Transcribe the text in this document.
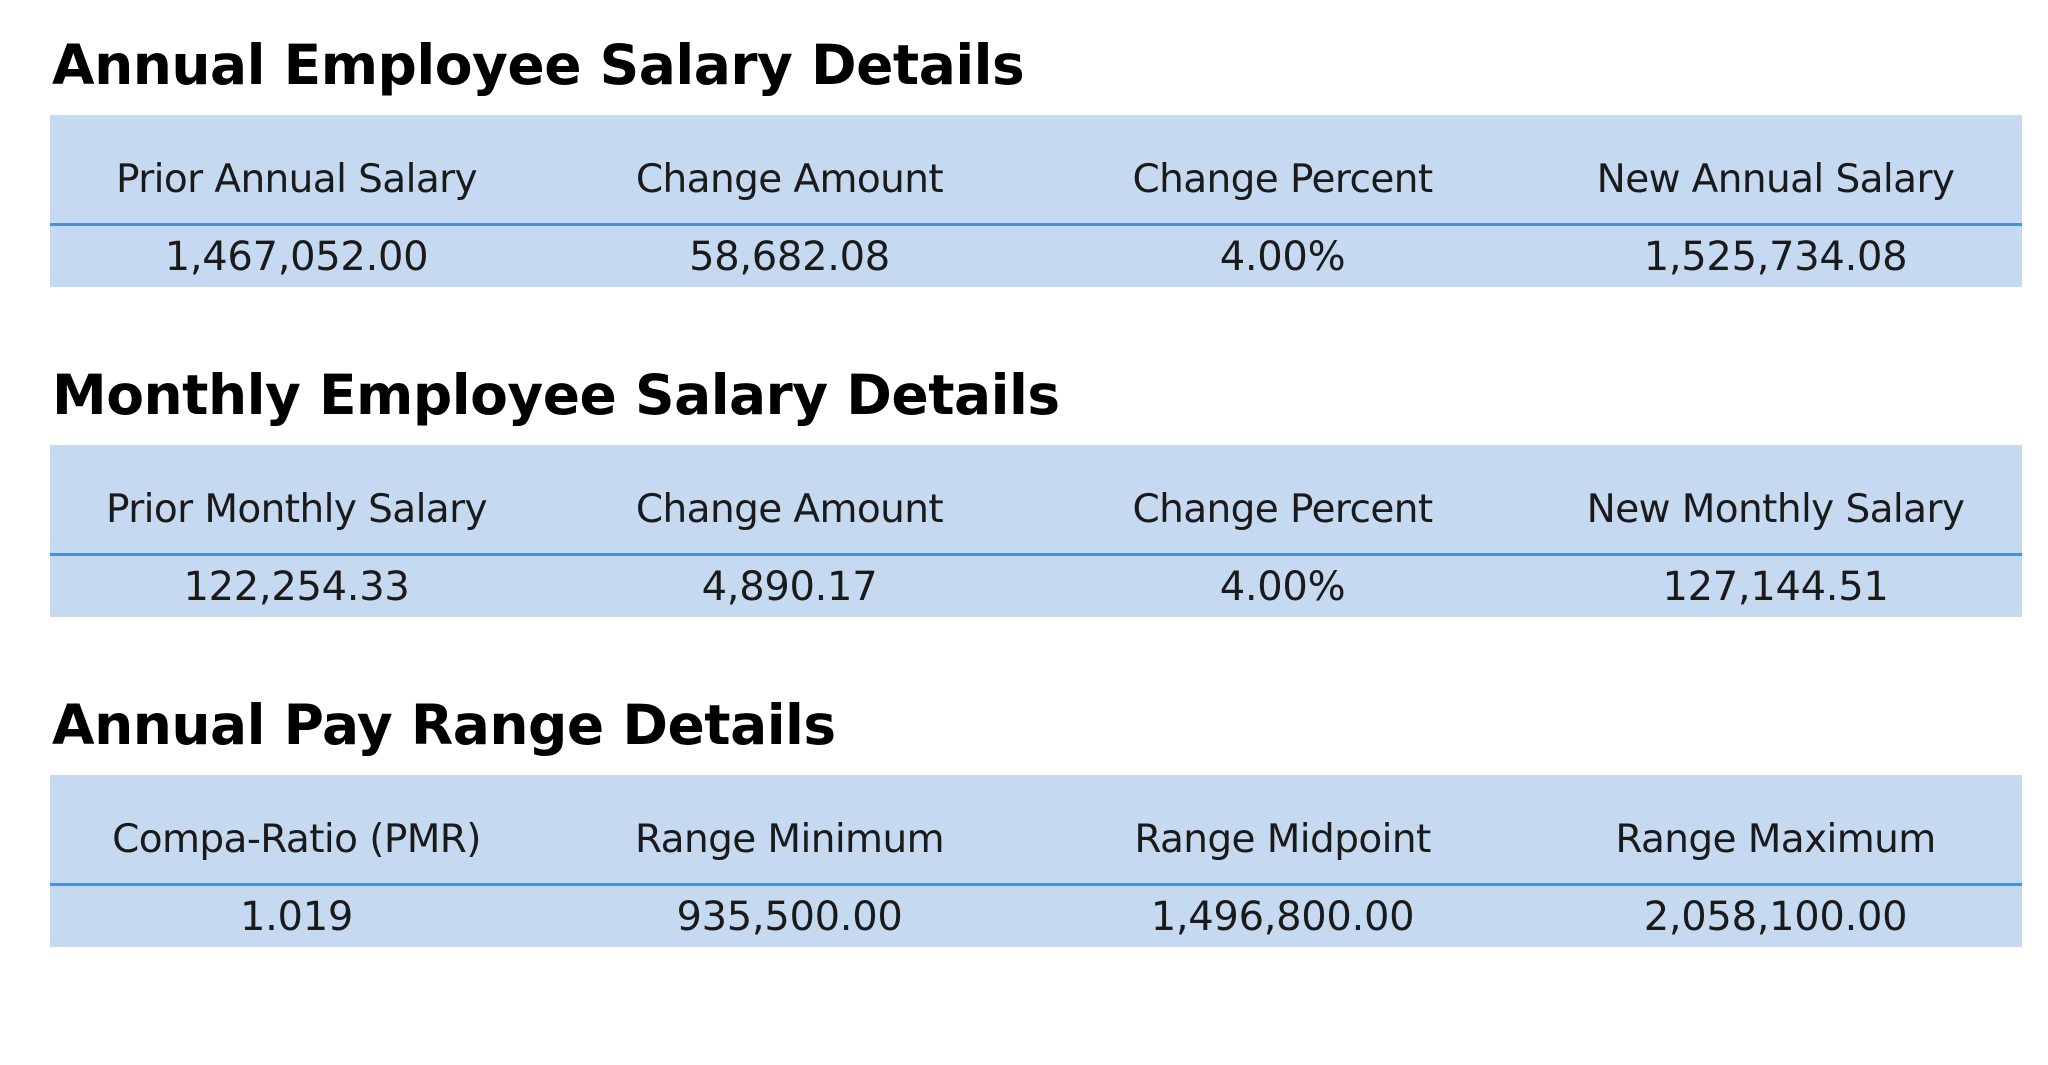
Annual Employee Salary Details
Prior Annual Salary	Change Amount	Change Percent	New Annual Salary
1,467,052.00	58,682.08	4.00%	1,525,734.08
Monthly Employee Salary Details
Prior Monthly Salary	Change Amount	Change Percent	New Monthly Salary
122,254.33	4,890.17	4.00%	127,144.51
Annual Pay Range Details
Compa-Ratio (PMR)	Range Minimum	Range Midpoint	Range Maximum
1.019	935,500.00	1,496,800.00	2,058,100.00
